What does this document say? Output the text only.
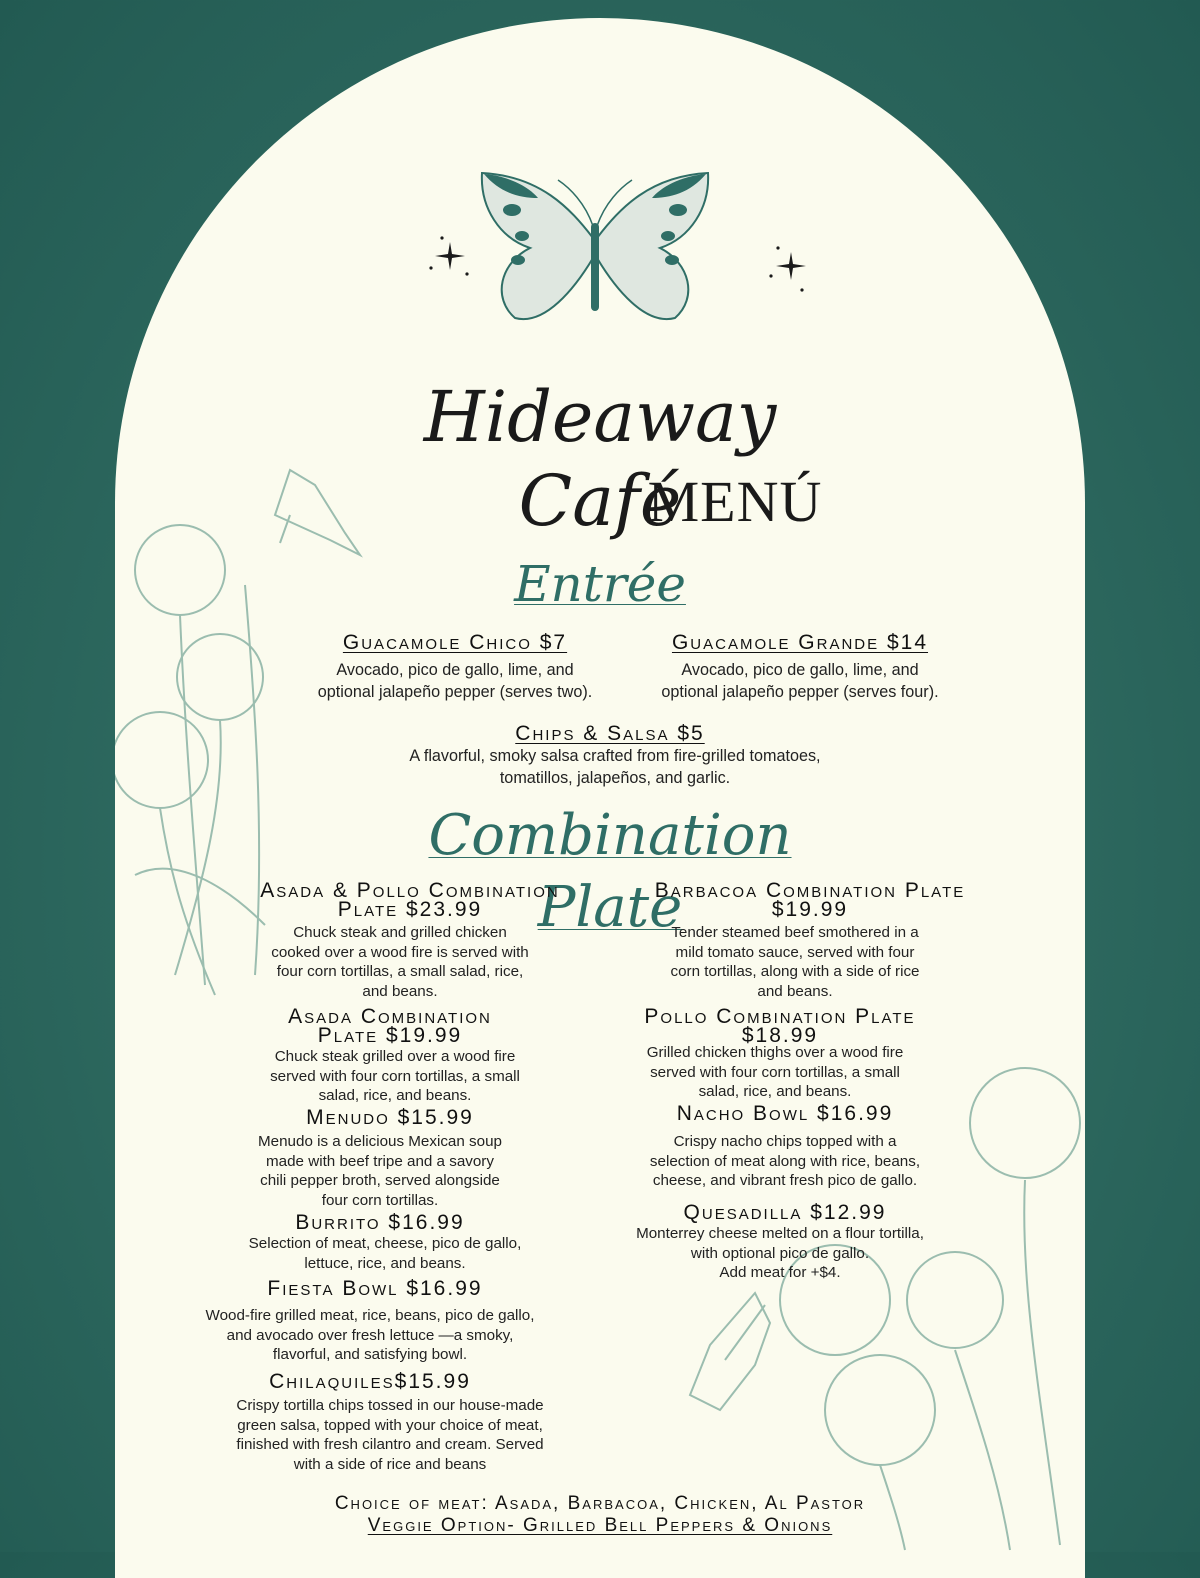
Hideaway Café
MENÚ
Entrée
Guacamole Chico $7
Avocado, pico de gallo, lime, and
optional jalapeño pepper (serves two).
Guacamole Grande $14
Avocado, pico de gallo, lime, and
optional jalapeño pepper (serves four).
Chips & Salsa $5
A flavorful, smoky salsa crafted from fire-grilled tomatoes,
tomatillos, jalapeños, and garlic.
Combination Plate
Asada & Pollo Combination
Plate $23.99
Chuck steak and grilled chicken
cooked over a wood fire is served with
four corn tortillas, a small salad, rice,
and beans.
Asada Combination
Plate $19.99
Chuck steak grilled over a wood fire
served with four corn tortillas, a small
salad, rice, and beans.
Menudo $15.99
Menudo is a delicious Mexican soup
made with beef tripe and a savory
chili pepper broth, served alongside
four corn tortillas.
Burrito $16.99
Selection of meat, cheese, pico de gallo,
lettuce, rice, and beans.
Fiesta Bowl $16.99
Wood-fire grilled meat, rice, beans, pico de gallo,
and avocado over fresh lettuce —a smoky,
flavorful, and satisfying bowl.
Chilaquiles$15.99
Crispy tortilla chips tossed in our house-made
green salsa, topped with your choice of meat,
finished with fresh cilantro and cream. Served
with a side of rice and beans
Barbacoa Combination Plate
$19.99
Tender steamed beef smothered in a
mild tomato sauce, served with four
corn tortillas, along with a side of rice
and beans.
Pollo Combination Plate
$18.99
Grilled chicken thighs over a wood fire
served with four corn tortillas, a small
salad, rice, and beans.
Nacho Bowl $16.99
Crispy nacho chips topped with a
selection of meat along with rice, beans,
cheese, and vibrant fresh pico de gallo.
Quesadilla $12.99
Monterrey cheese melted on a flour tortilla,
with optional pico de gallo.
Add meat for +$4.
Choice of meat: Asada, Barbacoa, Chicken, Al Pastor
Veggie Option- Grilled Bell Peppers & Onions
